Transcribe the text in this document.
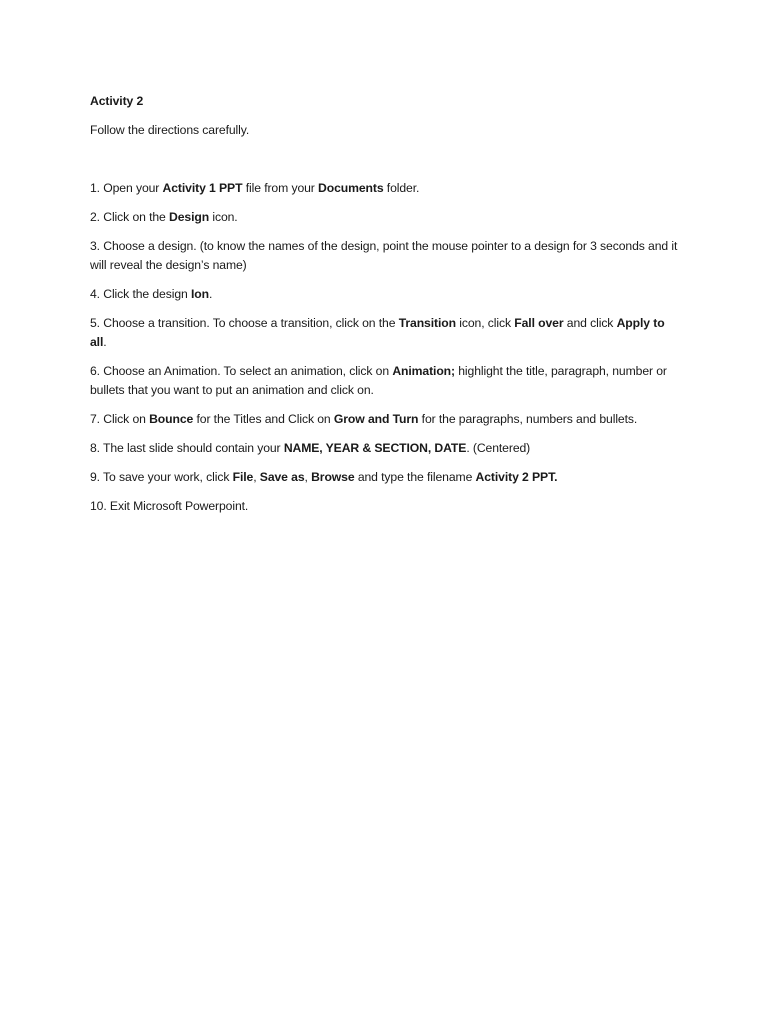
Activity 2
Follow the directions carefully.
1. Open your Activity 1 PPT file from your Documents folder.
2. Click on the Design icon.
3. Choose a design. (to know the names of the design, point the mouse pointer to a design for 3 seconds and it will reveal the design’s name)
4. Click the design Ion.
5. Choose a transition. To choose a transition, click on the Transition icon, click Fall over and click Apply to all.
6. Choose an Animation. To select an animation, click on Animation; highlight the title, paragraph, number or bullets that you want to put an animation and click on.
7. Click on Bounce for the Titles and Click on Grow and Turn for the paragraphs, numbers and bullets.
8. The last slide should contain your NAME, YEAR & SECTION, DATE. (Centered)
9. To save your work, click File, Save as, Browse and type the filename Activity 2 PPT.
10. Exit Microsoft Powerpoint.
